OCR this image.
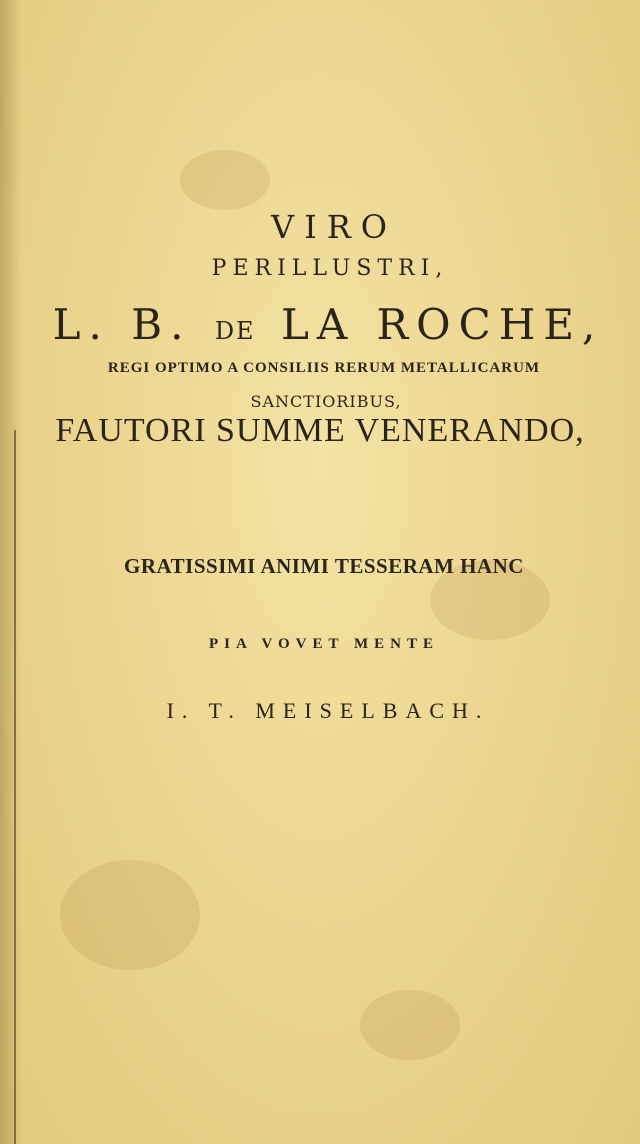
VIRO
PERILLUSTRI,
L. B. DE LA ROCHE,
REGI OPTIMO A CONSILIIS RERUM METALLICARUM
SANCTIORIBUS,
FAUTORI SUMME VENERANDO,
GRATISSIMI ANIMI TESSERAM HANC
PIA VOVET MENTE
I. T. MEISELBACH.
